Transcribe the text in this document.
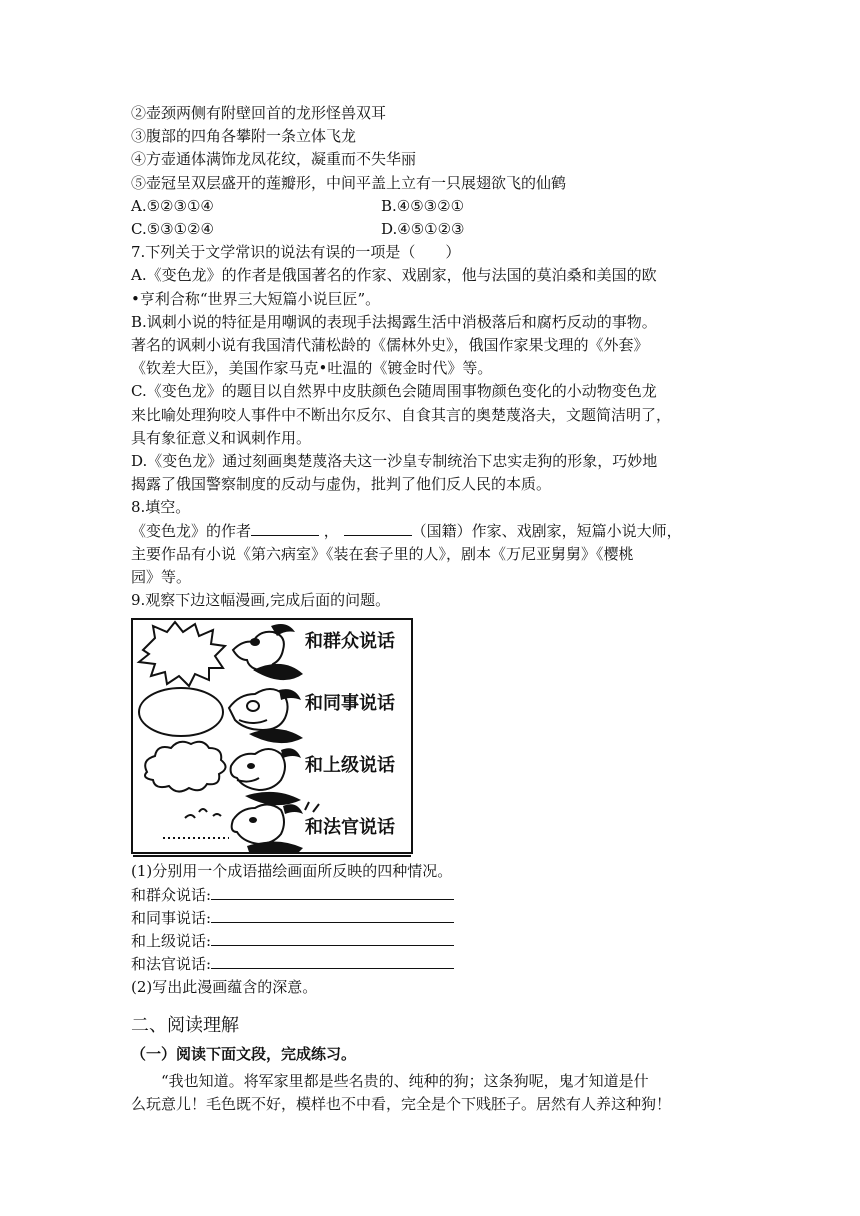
②壶颈两侧有附壁回首的龙形怪兽双耳
③腹部的四角各攀附一条立体飞龙
④方壶通体满饰龙凤花纹，凝重而不失华丽
⑤壶冠呈双层盛开的莲瓣形，中间平盖上立有一只展翅欲飞的仙鹤
A.⑤②③①④	B.④⑤③②①
C.⑤③①②④	D.④⑤①②③
7.下列关于文学常识的说法有误的一项是（　　）
A.《变色龙》的作者是俄国著名的作家、戏剧家，他与法国的莫泊桑和美国的欧
•亨利合称“世界三大短篇小说巨匠”。
B.讽刺小说的特征是用嘲讽的表现手法揭露生活中消极落后和腐朽反动的事物。
著名的讽刺小说有我国清代蒲松龄的《儒林外史》，俄国作家果戈理的《外套》
《钦差大臣》，美国作家马克•吐温的《镀金时代》等。
C.《变色龙》的题目以自然界中皮肤颜色会随周围事物颜色变化的小动物变色龙
来比喻处理狗咬人事件中不断出尔反尔、自食其言的奥楚蔑洛夫，文题简洁明了，
具有象征意义和讽刺作用。
D.《变色龙》通过刻画奥楚蔑洛夫这一沙皇专制统治下忠实走狗的形象，巧妙地
揭露了俄国警察制度的反动与虚伪，批判了他们反人民的本质。
8.填空。
《变色龙》的作者	，	（国籍）作家、戏剧家，短篇小说大师，
主要作品有小说《第六病室》《装在套子里的人》，剧本《万尼亚舅舅》《樱桃
园》等。
9.观察下边这幅漫画,完成后面的问题。
和群众说话
和同事说话
和上级说话
和法官说话
(1)分别用一个成语描绘画面所反映的四种情况。
和群众说话:
和同事说话:
和上级说话:
和法官说话:
(2)写出此漫画蕴含的深意。
二、阅读理解
（一）阅读下面文段，完成练习。
“我也知道。将军家里都是些名贵的、纯种的狗；这条狗呢，鬼才知道是什
么玩意儿！毛色既不好，模样也不中看，完全是个下贱胚子。居然有人养这种狗！
